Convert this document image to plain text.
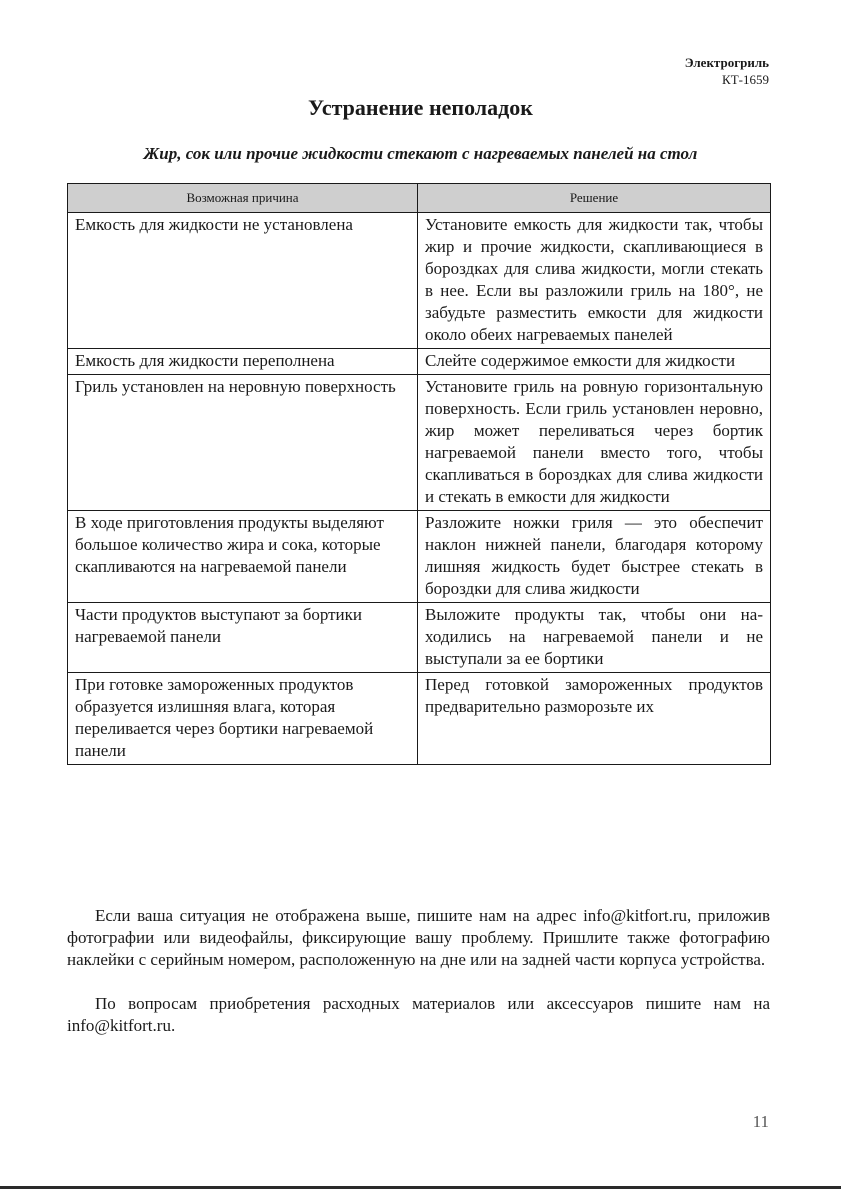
Электрогриль
КТ-1659
Устранение неполадок
Жир, сок или прочие жидкости стекают с нагреваемых панелей на стол
Возможная причина	Решение
Емкость для жидкости не установлена	Установите емкость для жидкости так, чтобы жир и прочие жидкости, скапливающиеся в бороздках для слива жидкости, могли стекать в нее. Если вы разложили гриль на 180°, не забудьте разместить емкости для жидкости около обеих нагреваемых панелей
Емкость для жидкости переполнена	Слейте содержимое емкости для жидкости
Гриль установлен на неровную поверхность	Установите гриль на ровную горизонтальную поверхность. Если гриль установлен неровно, жир может переливаться через бортик нагреваемой панели вместо того, чтобы скапливаться в бороздках для слива жидкости и стекать в емкости для жидкости
В ходе приготовления продукты выделяют большое количество жира и сока, которые скапливаются на нагреваемой панели	Разложите ножки гриля — это обеспечит наклон нижней панели, благодаря которому лишняя жидкость будет быстрее стекать в бороздки для слива жидкости
Части продуктов выступают за бортики нагреваемой панели	Выложите продукты так, чтобы они находились на нагреваемой панели и не выступали за ее бортики
При готовке замороженных продуктов образуется излишняя влага, которая переливается через бортики нагреваемой панели	Перед готовкой замороженных продуктов предварительно разморозьте их

Если ваша ситуация не отображена выше, пишите нам на адрес info@kitfort.ru, приложив фотографии или видеофайлы, фиксирующие вашу проблему. Пришлите также фотографию наклейки с серийным номером, расположенную на дне или на задней части корпуса устройства.

По вопросам приобретения расходных материалов или аксессуаров пишите нам на info@kitfort.ru.

11
